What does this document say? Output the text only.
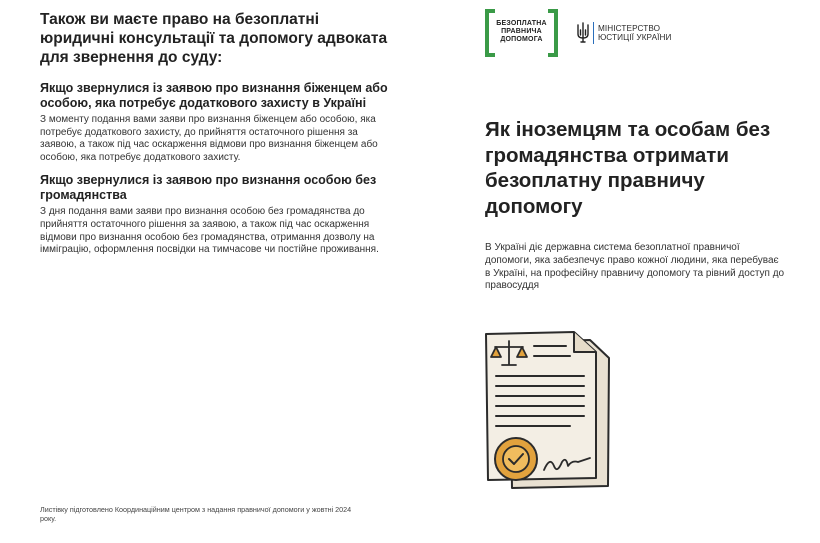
Також ви маєте право на безоплатні юридичні консультації та допомогу адвоката для звернення до суду:
Якщо звернулися із заявою про визнання біженцем або особою, яка потребує додаткового захисту в Україні

З моменту подання вами заяви про визнання біженцем або особою, яка потребує додаткового захисту, до прийняття остаточного рішення за заявою, а також під час оскарження відмови про визнання біженцем або особою, яка потребує додаткового захисту.

Якщо звернулися із заявою про визнання особою без громадянства

З дня подання вами заяви про визнання особою без громадянства до прийняття остаточного рішення за заявою, а також під час оскарження відмови про визнання особою без громадянства, отримання дозволу на імміграцію, оформлення посвідки на тимчасове чи постійне проживання.

Листівку підготовлено Координаційним центром з надання правничої допомоги у жовтні 2024 року.

БЕЗОПЛАТНА
ПРАВНИЧА
ДОПОМОГА
МІНІСТЕРСТВО
ЮСТИЦІЇ УКРАЇНИ
Як іноземцям та особам без громадянства отримати безоплатну правничу допомогу

В Україні діє державна система безоплатної правничої допомоги, яка забезпечує право кожної людини, яка перебуває в Україні, на професійну правничу допомогу та рівний доступ до правосуддя
